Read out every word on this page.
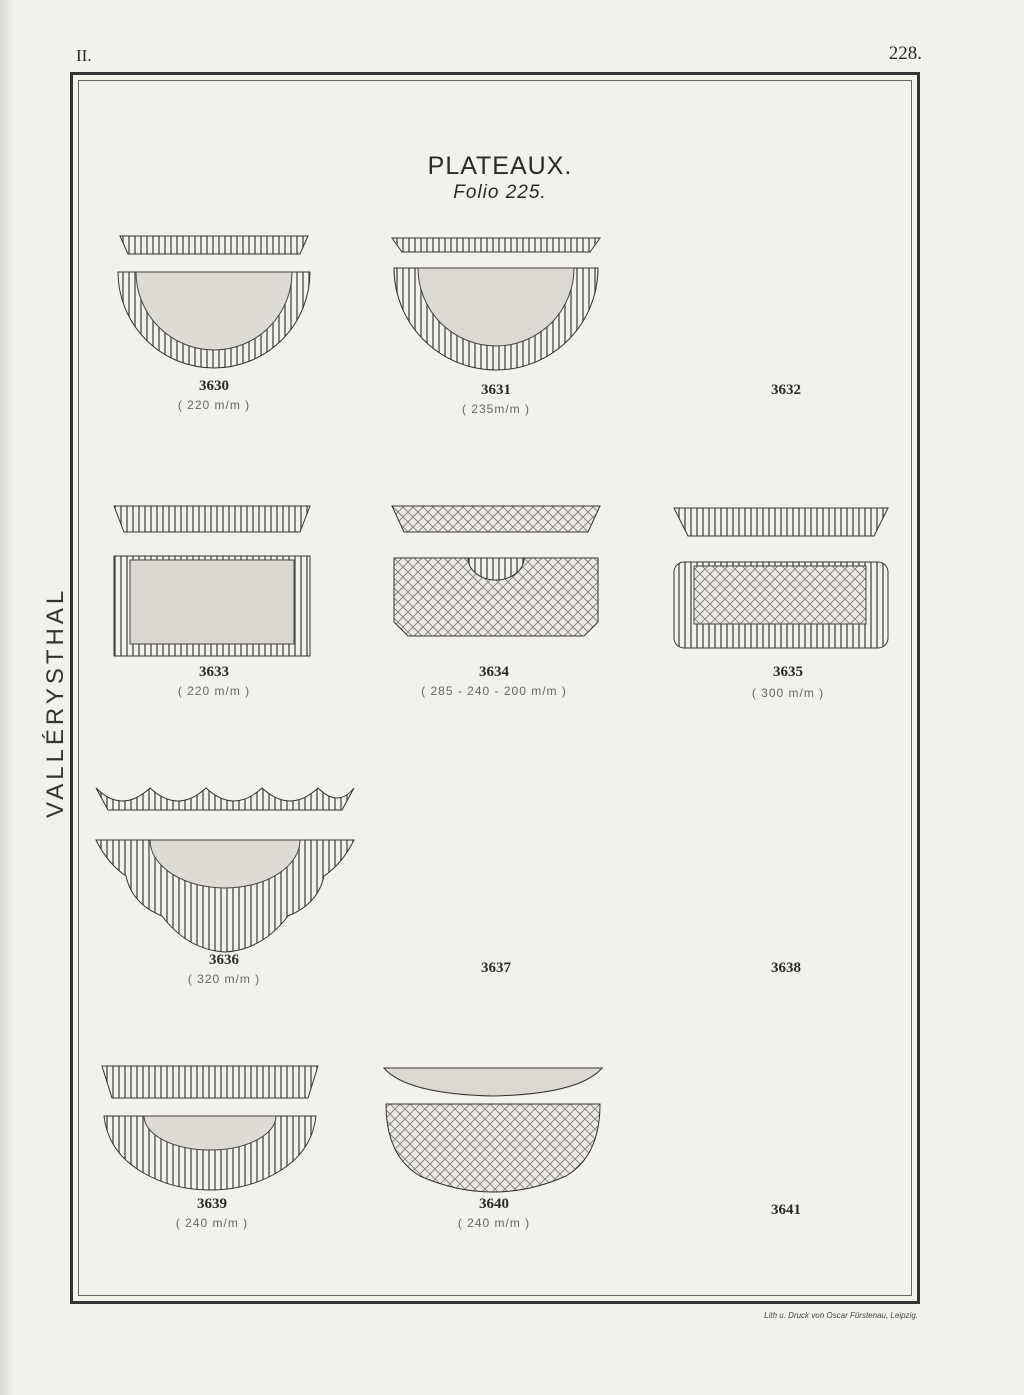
II.	228.
VALLÉRYSTHAL
PLATEAUX.
Folio 225.
3630
( 220 m/m )
3631
( 235m/m )
3632
3633
( 220 m/m )
3634
( 285 - 240 - 200 m/m )
3635
( 300 m/m )
3636
( 320 m/m )
3637	3638
3639
( 240 m/m )
3640
( 240 m/m )
3641
Lith u. Druck von Oscar Fürstenau, Leipzig.
